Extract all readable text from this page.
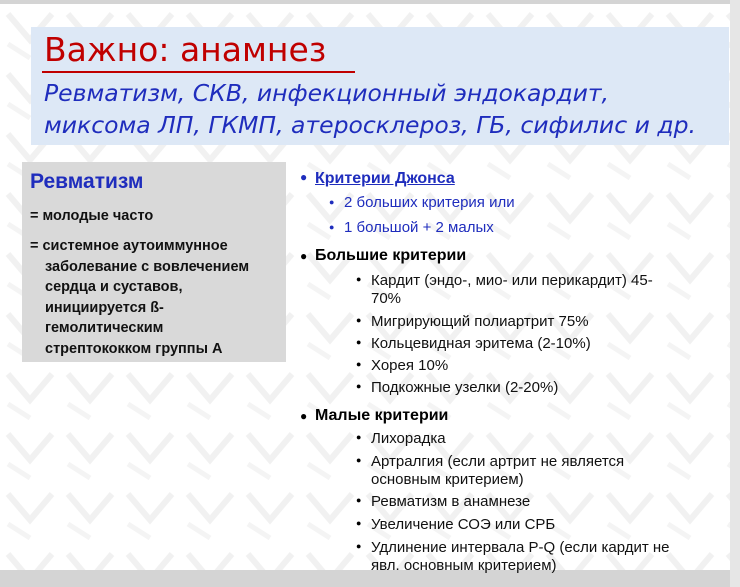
Важно: анамнез

Ревматизм, СКВ, инфекционный эндокардит,
миксома ЛП, ГКМП, атеросклероз, ГБ, сифилис и др.

Ревматизм

= молодые часто

= системное аутоиммунное
заболевание с вовлечением
сердца и суставов,
инициируется ß-
гемолитическим
стрептококком группы А

● Критерии Джонса
● 2 больших критерия или
● 1 большой + 2 малых
● Большие критерии
● Кардит (эндо-, мио- или перикардит) 45-
70%
● Мигрирующий полиартрит 75%
● Кольцевидная эритема (2-10%)
● Хорея 10%
● Подкожные узелки (2-20%)
● Малые критерии
● Лихорадка
● Артралгия (если артрит не является
основным критерием)
● Ревматизм в анамнезе
● Увеличение СОЭ или СРБ
● Удлинение интервала P-Q (если кардит не
явл. основным критерием)
